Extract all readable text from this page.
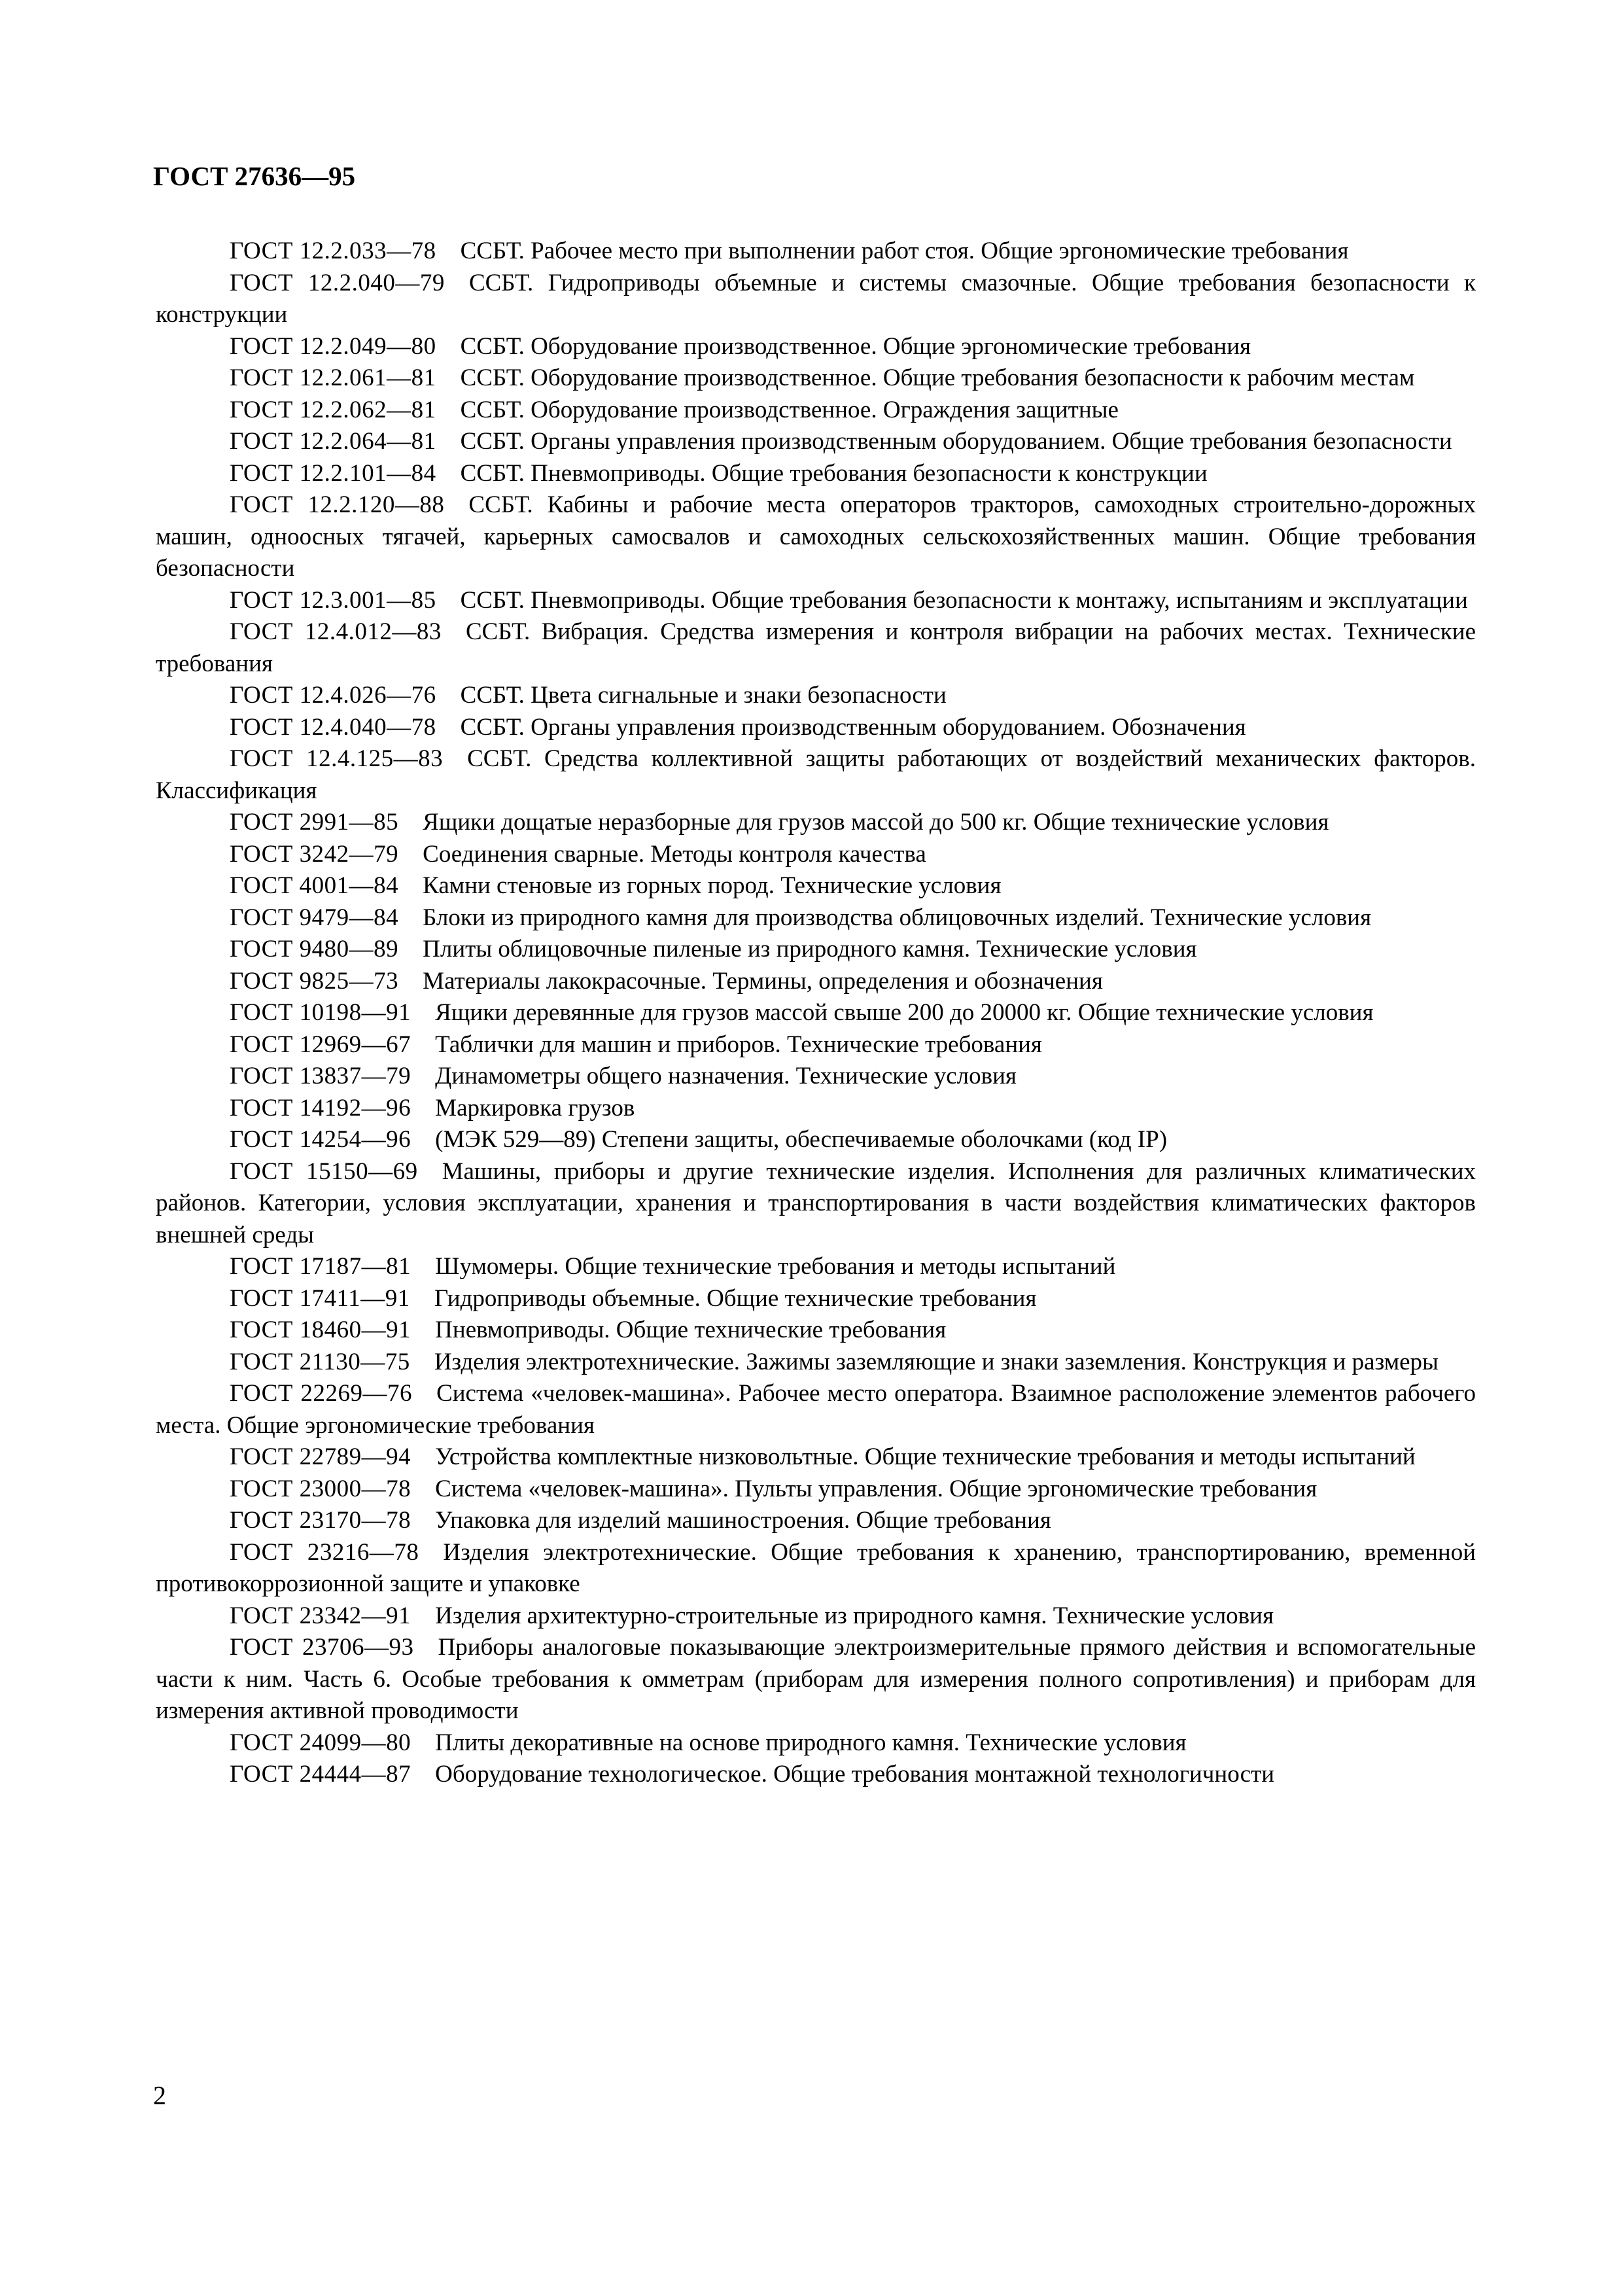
ГОСТ 27636—95

ГОСТ 12.2.033—78  ССБТ. Рабочее место при выполнении работ стоя. Общие эргономические требования

ГОСТ 12.2.040—79  ССБТ. Гидроприводы объемные и системы смазочные. Общие требования безопасности к конструкции

ГОСТ 12.2.049—80  ССБТ. Оборудование производственное. Общие эргономические требования

ГОСТ 12.2.061—81  ССБТ. Оборудование производственное. Общие требования безопасности к рабочим местам

ГОСТ 12.2.062—81  ССБТ. Оборудование производственное. Ограждения защитные

ГОСТ 12.2.064—81  ССБТ. Органы управления производственным оборудованием. Общие требования безопасности

ГОСТ 12.2.101—84  ССБТ. Пневмоприводы. Общие требования безопасности к конструкции

ГОСТ 12.2.120—88  ССБТ. Кабины и рабочие места операторов тракторов, самоходных строительно-дорожных машин, одноосных тягачей, карьерных самосвалов и самоходных сельскохозяйственных машин. Общие требования безопасности

ГОСТ 12.3.001—85  ССБТ. Пневмоприводы. Общие требования безопасности к монтажу, испытаниям и эксплуатации

ГОСТ 12.4.012—83  ССБТ. Вибрация. Средства измерения и контроля вибрации на рабочих местах. Технические требования

ГОСТ 12.4.026—76  ССБТ. Цвета сигнальные и знаки безопасности

ГОСТ 12.4.040—78  ССБТ. Органы управления производственным оборудованием. Обозначения

ГОСТ 12.4.125—83  ССБТ. Средства коллективной защиты работающих от воздействий механических факторов. Классификация

ГОСТ 2991—85  Ящики дощатые неразборные для грузов массой до 500 кг. Общие технические условия

ГОСТ 3242—79  Соединения сварные. Методы контроля качества

ГОСТ 4001—84  Камни стеновые из горных пород. Технические условия

ГОСТ 9479—84  Блоки из природного камня для производства облицовочных изделий. Технические условия

ГОСТ 9480—89  Плиты облицовочные пиленые из природного камня. Технические условия

ГОСТ 9825—73  Материалы лакокрасочные. Термины, определения и обозначения

ГОСТ 10198—91  Ящики деревянные для грузов массой свыше 200 до 20000 кг. Общие технические условия

ГОСТ 12969—67  Таблички для машин и приборов. Технические требования

ГОСТ 13837—79  Динамометры общего назначения. Технические условия

ГОСТ 14192—96  Маркировка грузов

ГОСТ 14254—96  (МЭК 529—89) Степени защиты, обеспечиваемые оболочками (код IP)

ГОСТ 15150—69  Машины, приборы и другие технические изделия. Исполнения для различных климатических районов. Категории, условия эксплуатации, хранения и транспортирования в части воздействия климатических факторов внешней среды

ГОСТ 17187—81  Шумомеры. Общие технические требования и методы испытаний

ГОСТ 17411—91  Гидроприводы объемные. Общие технические требования

ГОСТ 18460—91  Пневмоприводы. Общие технические требования

ГОСТ 21130—75  Изделия электротехнические. Зажимы заземляющие и знаки заземления. Конструкция и размеры

ГОСТ 22269—76  Система «человек-машина». Рабочее место оператора. Взаимное расположение элементов рабочего места. Общие эргономические требования

ГОСТ 22789—94  Устройства комплектные низковольтные. Общие технические требования и методы испытаний

ГОСТ 23000—78  Система «человек-машина». Пульты управления. Общие эргономические требования

ГОСТ 23170—78  Упаковка для изделий машиностроения. Общие требования

ГОСТ 23216—78  Изделия электротехнические. Общие требования к хранению, транспортированию, временной противокоррозионной защите и упаковке

ГОСТ 23342—91  Изделия архитектурно-строительные из природного камня. Технические условия

ГОСТ 23706—93  Приборы аналоговые показывающие электроизмерительные прямого действия и вспомогательные части к ним. Часть 6. Особые требования к омметрам (приборам для измерения полного сопротивления) и приборам для измерения активной проводимости

ГОСТ 24099—80  Плиты декоративные на основе природного камня. Технические условия

ГОСТ 24444—87  Оборудование технологическое. Общие требования монтажной технологичности

2
